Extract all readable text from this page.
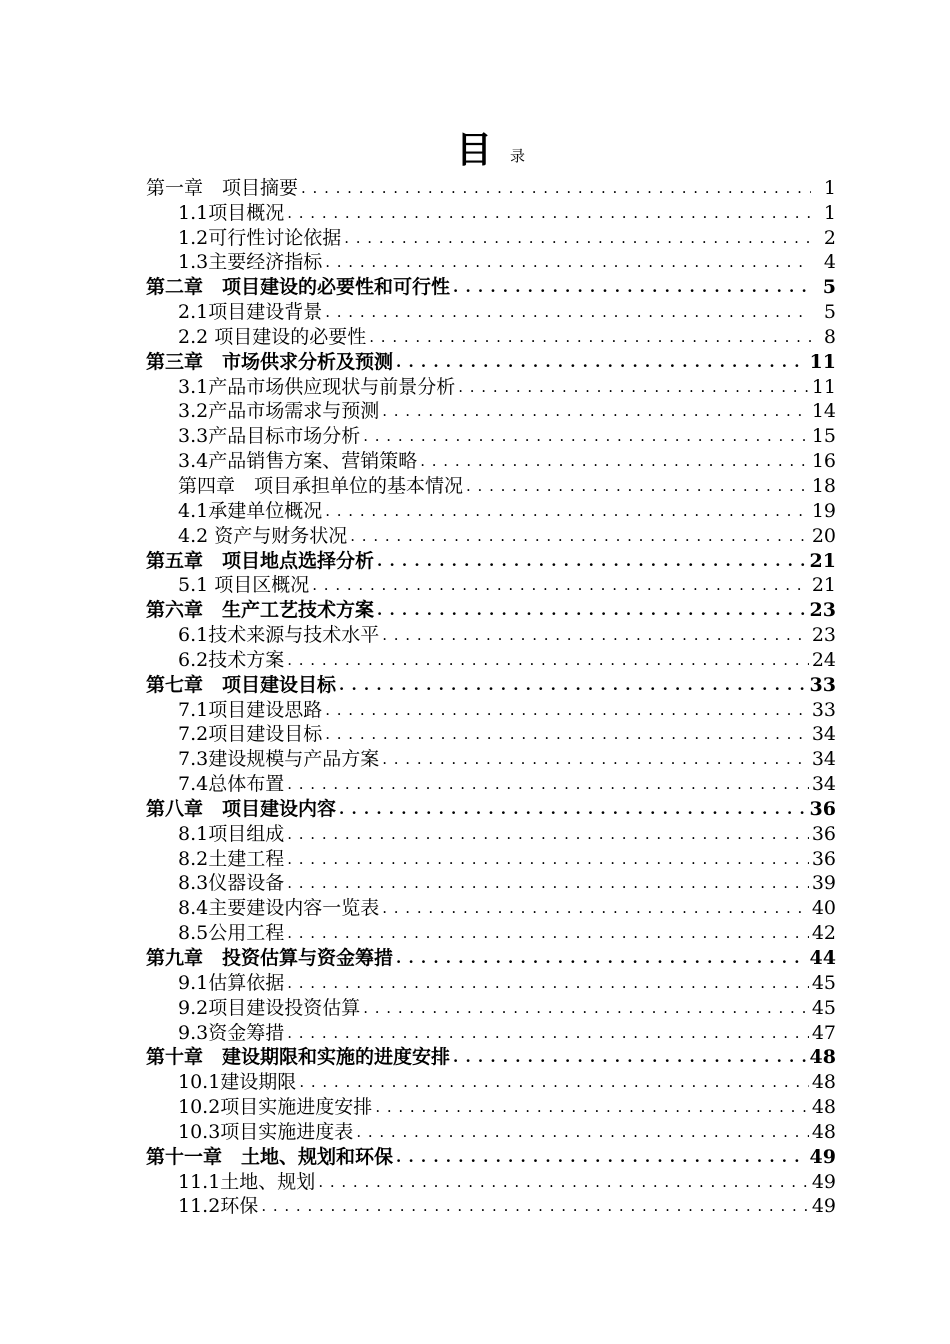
目 录
第一章　项目摘要 . . .	1
1.1项目概况 . . .	1
1.2可行性讨论依据 . . .	2
1.3主要经济指标 . . .	4
第二章　项目建设的必要性和可行性 . . .	5
2.1项目建设背景 . . .	5
2.2 项目建设的必要性 . . .	8
第三章　市场供求分析及预测 . . .	11
3.1产品市场供应现状与前景分析 . . .	11
3.2产品市场需求与预测 . . .	14
3.3产品目标市场分析 . . .	15
3.4产品销售方案、营销策略 . . .	16
第四章　项目承担单位的基本情况 . . .	18
4.1承建单位概况 . . .	19
4.2 资产与财务状况 . . .	20
第五章　项目地点选择分析 . . .	21
5.1 项目区概况 . . .	21
第六章　生产工艺技术方案 . . .	23
6.1技术来源与技术水平 . . .	23
6.2技术方案 . . .	24
第七章　项目建设目标 . . .	33
7.1项目建设思路 . . .	33
7.2项目建设目标 . . .	34
7.3建设规模与产品方案 . . .	34
7.4总体布置 . . .	34
第八章　项目建设内容 . . .	36
8.1项目组成 . . .	36
8.2土建工程 . . .	36
8.3仪器设备 . . .	39
8.4主要建设内容一览表 . . .	40
8.5公用工程 . . .	42
第九章　投资估算与资金筹措 . . .	44
9.1估算依据 . . .	45
9.2项目建设投资估算 . . .	45
9.3资金筹措 . . .	47
第十章　建设期限和实施的进度安排 . . .	48
10.1建设期限 . . .	48
10.2项目实施进度安排 . . .	48
10.3项目实施进度表 . . .	48
第十一章　土地、规划和环保 . . .	49
11.1土地、规划 . . .	49
11.2环保 . . .	49
